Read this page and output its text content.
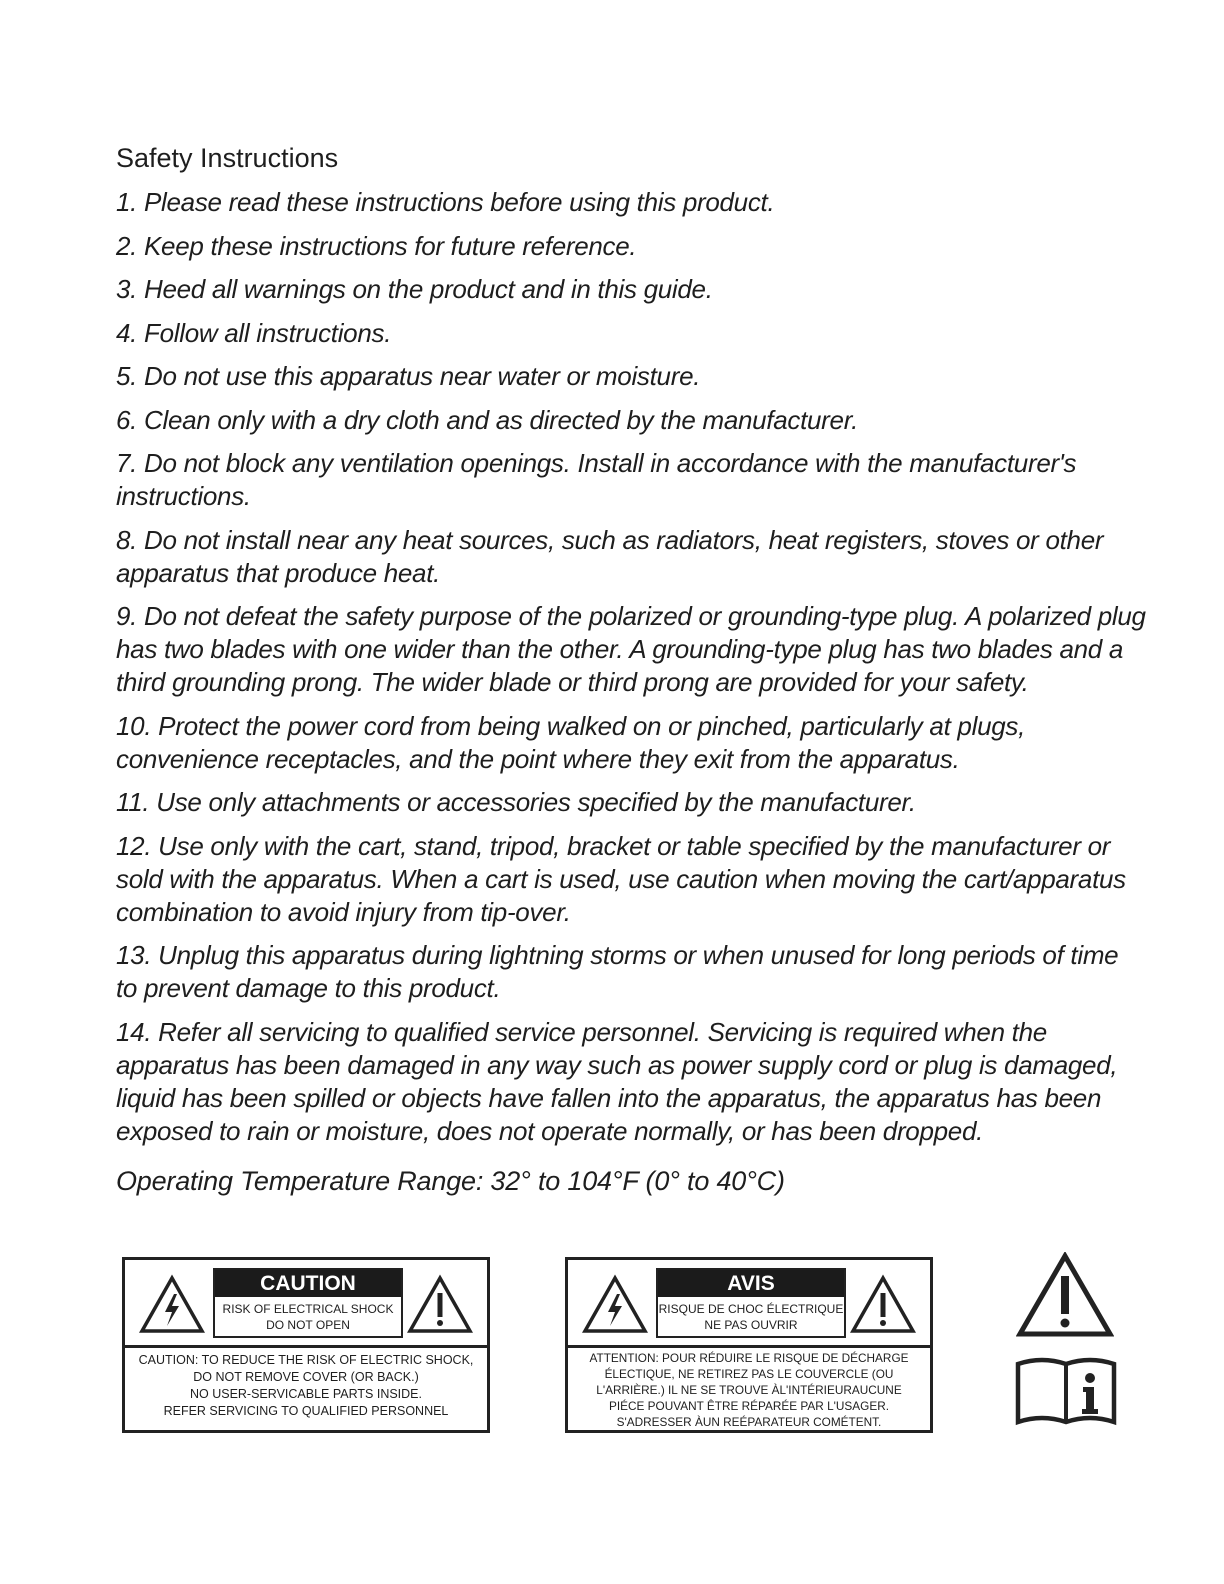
Safety Instructions
1. Please read these instructions before using this product.
2. Keep these instructions for future reference.
3. Heed all warnings on the product and in this guide.
4. Follow all instructions.
5. Do not use this apparatus near water or moisture.
6. Clean only with a dry cloth and as directed by the manufacturer.
7. Do not block any ventilation openings. Install in accordance with the manufacturer's instructions.
8. Do not install near any heat sources, such as radiators, heat registers, stoves or other apparatus that produce heat.
9. Do not defeat the safety purpose of the polarized or grounding-type plug. A polarized plug has two blades with one wider than the other. A grounding-type plug has two blades and a third grounding prong. The wider blade or third prong are provided for your safety.
10. Protect the power cord from being walked on or pinched, particularly at plugs, convenience receptacles, and the point where they exit from the apparatus.
11. Use only attachments or accessories specified by the manufacturer.
12. Use only with the cart, stand, tripod, bracket or table specified by the manufacturer or sold with the apparatus. When a cart is used, use caution when moving the cart/apparatus combination to avoid injury from tip-over.
13. Unplug this apparatus during lightning storms or when unused for long periods of time to prevent damage to this product.
14. Refer all servicing to qualified service personnel. Servicing is required when the apparatus has been damaged in any way such as power supply cord or plug is damaged, liquid has been spilled or objects have fallen into the apparatus, the apparatus has been exposed to rain or moisture, does not operate normally, or has been dropped.

Operating Temperature Range: 32° to 104°F (0° to 40°C)

CAUTION
RISK OF ELECTRICAL SHOCK
DO NOT OPEN
CAUTION: TO REDUCE THE RISK OF ELECTRIC SHOCK,
DO NOT REMOVE COVER (OR BACK.)
NO USER-SERVICABLE PARTS INSIDE.
REFER SERVICING TO QUALIFIED PERSONNEL
AVIS
RISQUE DE CHOC ÉLECTRIQUE
NE PAS OUVRIR
ATTENTION: POUR RÉDUIRE LE RISQUE DE DÉCHARGE
ÉLECTIQUE, NE RETIREZ PAS LE COUVERCLE (OU
L'ARRIÈRE.) IL NE SE TROUVE ÀL'INTÉRIEURAUCUNE
PIÉCE POUVANT ÊTRE RÉPARÉE PAR L'USAGER.
S'ADRESSER ÀUN REÉPARATEUR COMÉTENT.
